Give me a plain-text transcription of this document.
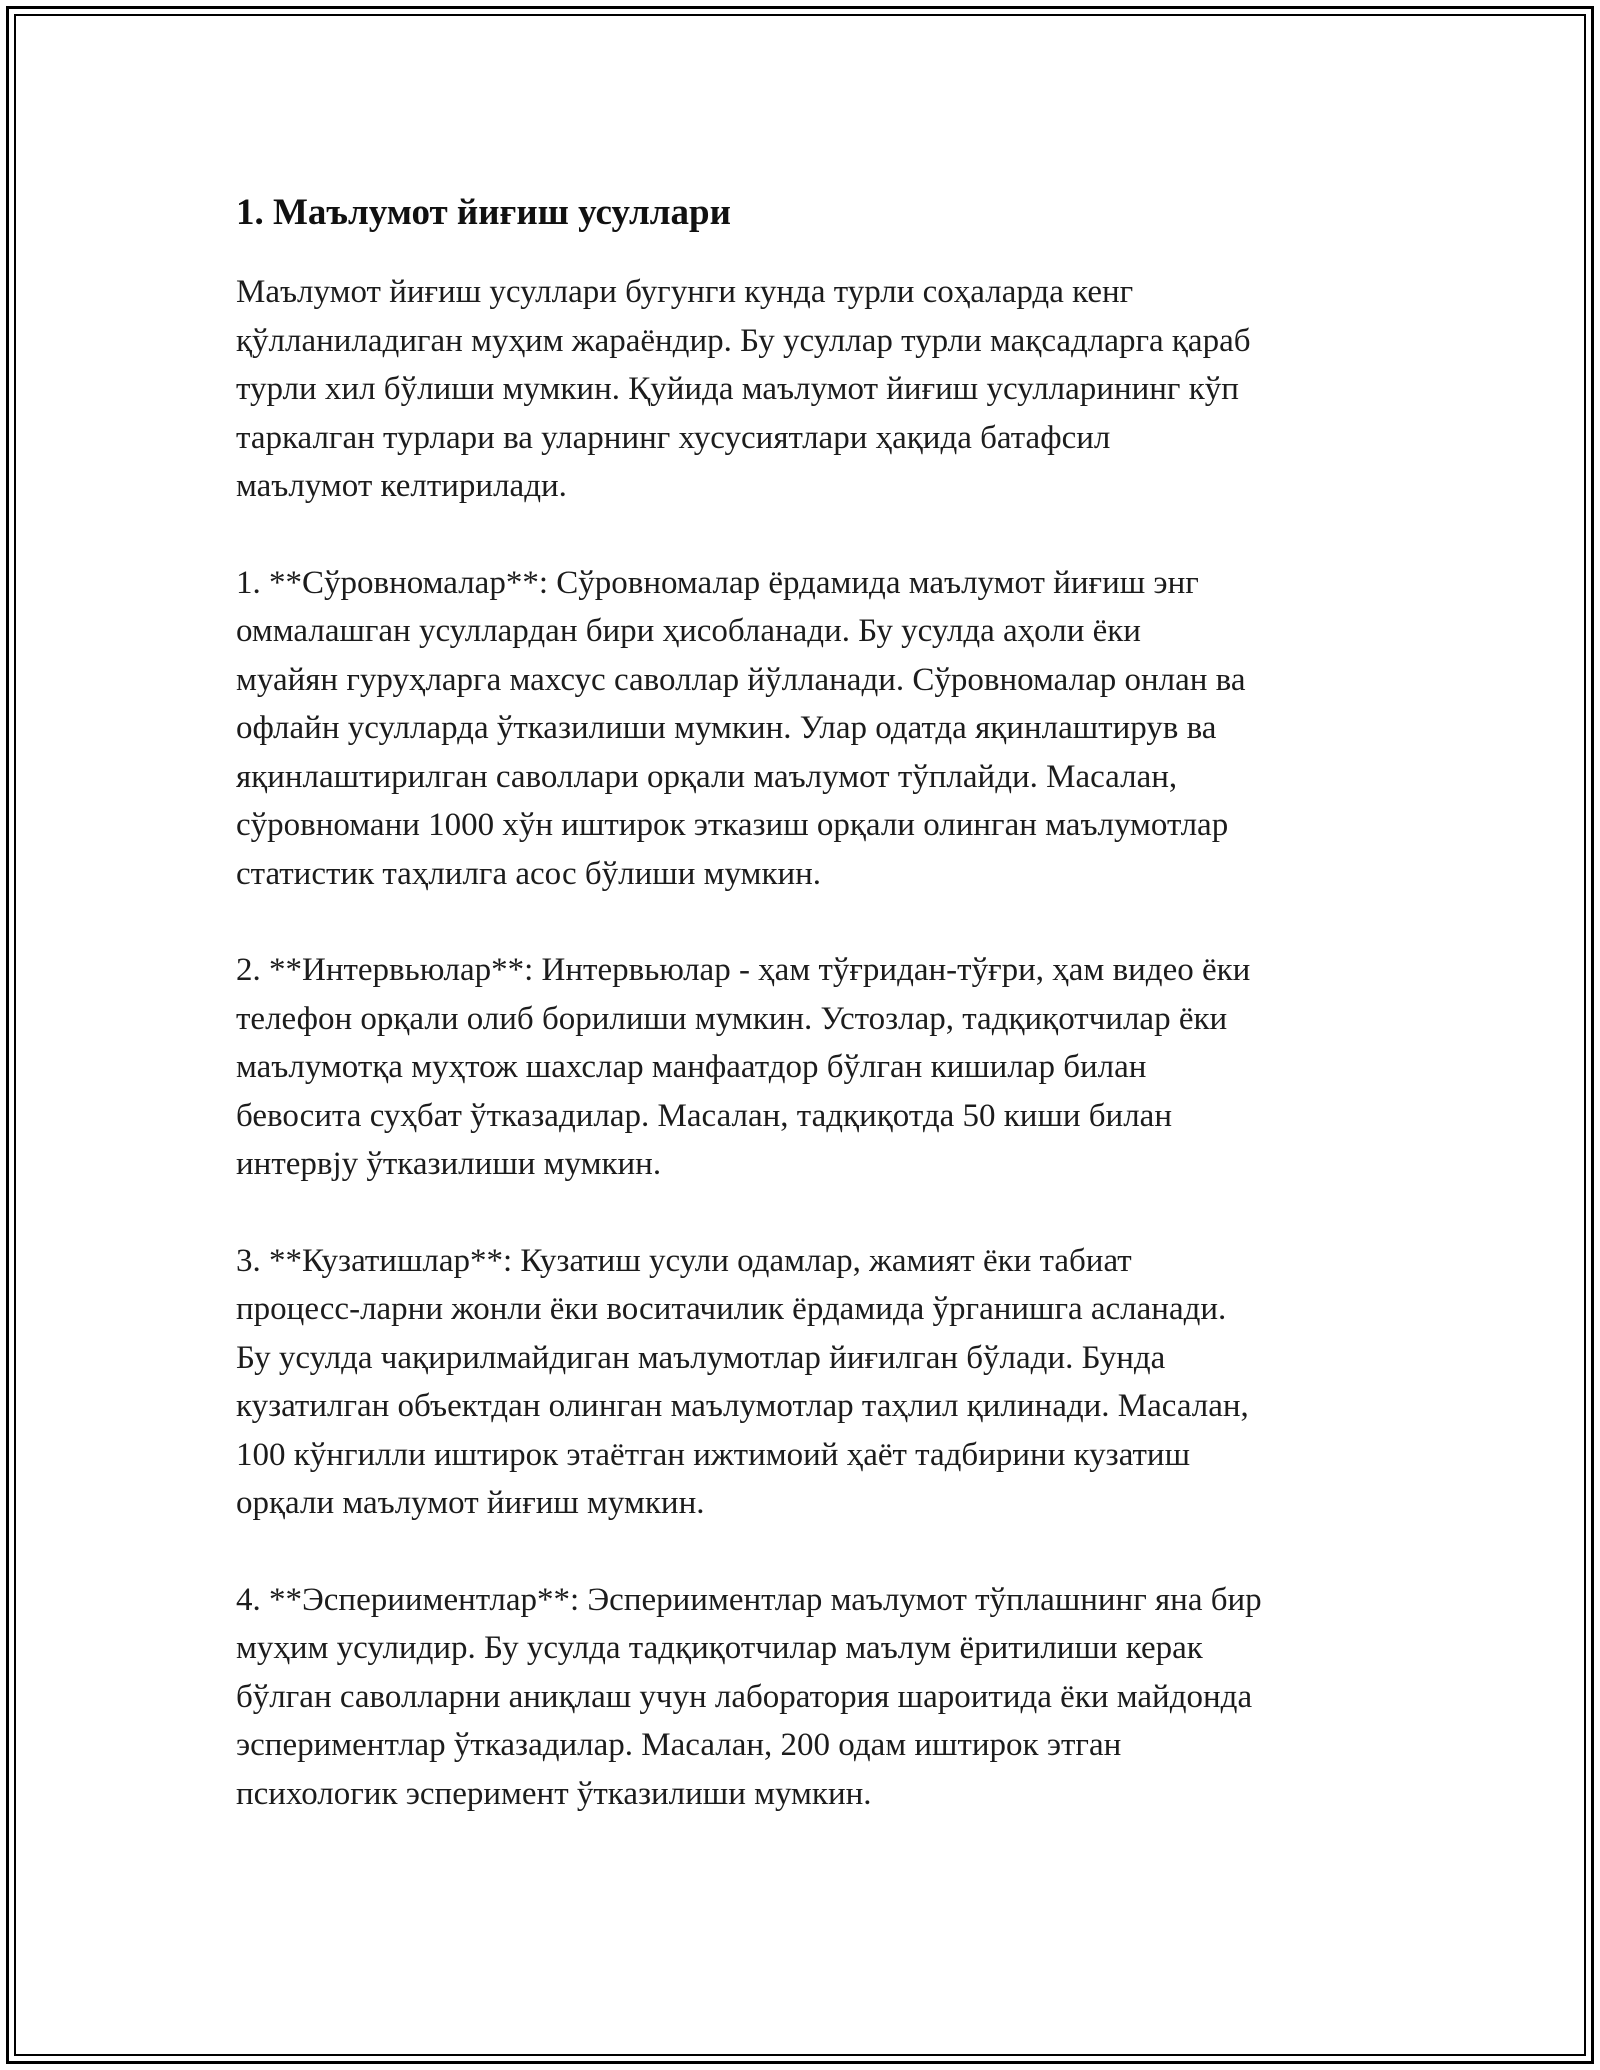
1. Маълумот йиғиш усуллари

Маълумот йиғиш усуллари бугунги кунда турли соҳаларда кенг
қўлланиладиган муҳим жараёндир. Бу усуллар турли мақсадларга қараб
турли хил бўлиши мумкин. Қуйида маълумот йиғиш усулларининг кўп
таркалган турлари ва уларнинг хусусиятлари ҳақида батафсил
маълумот келтирилади.

1. **Сўровномалар**: Сўровномалар ёрдамида маълумот йиғиш энг
оммалашган усуллардан бири ҳисобланади. Бу усулда аҳоли ёки
муайян гуруҳларга махсус саволлар йўлланади. Сўровномалар онлан ва
офлайн усулларда ўтказилиши мумкин. Улар одатда яқинлаштирув ва
яқинлаштирилган саволлари орқали маълумот тўплайди. Масалан,
сўровномани 1000 хўн иштирок этказиш орқали олинган маълумотлар
статистик таҳлилга асос бўлиши мумкин.

2. **Интервьюлар**: Интервьюлар - ҳам тўғридан-тўғри, ҳам видео ёки
телефон орқали олиб борилиши мумкин. Устозлар, тадқиқотчилар ёки
маълумотқа муҳтож шахслар манфаатдор бўлган кишилар билан
бевосита суҳбат ўтказадилар. Масалан, тадқиқотда 50 киши билан
интервју ўтказилиши мумкин.

3. **Кузатишлар**: Кузатиш усули одамлар, жамият ёки табиат
процесс-ларни жонли ёки воситачилик ёрдамида ўрганишга асланади.
Бу усулда чақирилмайдиган маълумотлар йиғилган бўлади. Бунда
кузатилган объектдан олинган маълумотлар таҳлил қилинади. Масалан,
100 кўнгилли иштирок этаётган ижтимоий ҳаёт тадбирини кузатиш
орқали маълумот йиғиш мумкин.

4. **Эсперииментлар**: Эсперииментлар маълумот тўплашнинг яна бир
муҳим усулидир. Бу усулда тадқиқотчилар маълум ёритилиши керак
бўлган саволларни аниқлаш учун лаборатория шароитида ёки майдонда
эспериментлар ўтказадилар. Масалан, 200 одам иштирок этган
психологик эсперимент ўтказилиши мумкин.
